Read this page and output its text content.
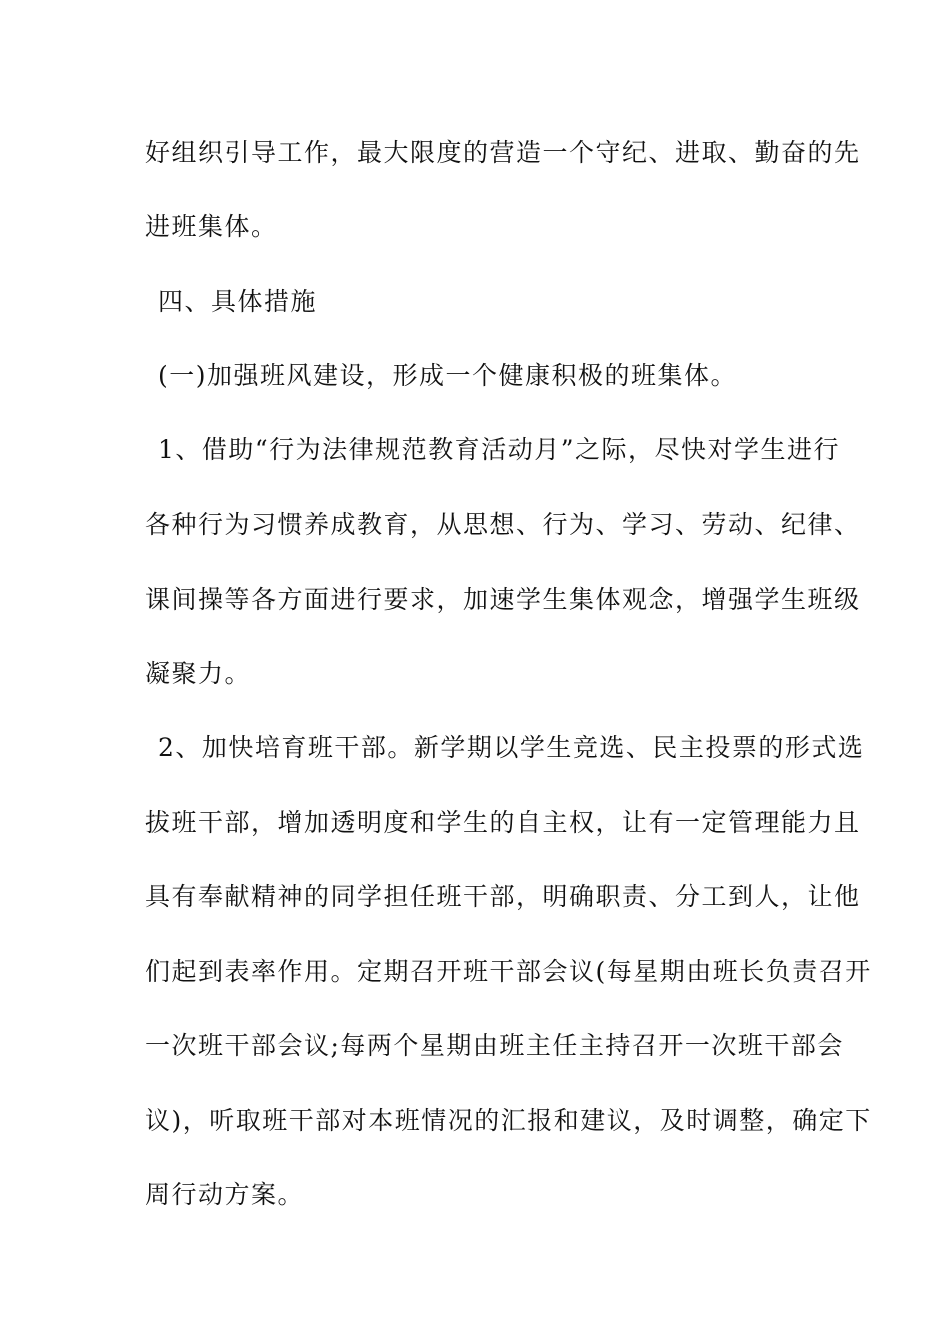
好组织引导工作，最大限度的营造一个守纪、进取、勤奋的先
进班集体。
四、具体措施
(一)加强班风建设，形成一个健康积极的班集体。
1、借助“行为法律规范教育活动月”之际，尽快对学生进行
各种行为习惯养成教育，从思想、行为、学习、劳动、纪律、
课间操等各方面进行要求，加速学生集体观念，增强学生班级
凝聚力。
2、加快培育班干部。新学期以学生竞选、民主投票的形式选
拔班干部，增加透明度和学生的自主权，让有一定管理能力且
具有奉献精神的同学担任班干部，明确职责、分工到人，让他
们起到表率作用。定期召开班干部会议(每星期由班长负责召开
一次班干部会议;每两个星期由班主任主持召开一次班干部会
议)，听取班干部对本班情况的汇报和建议，及时调整，确定下
周行动方案。
